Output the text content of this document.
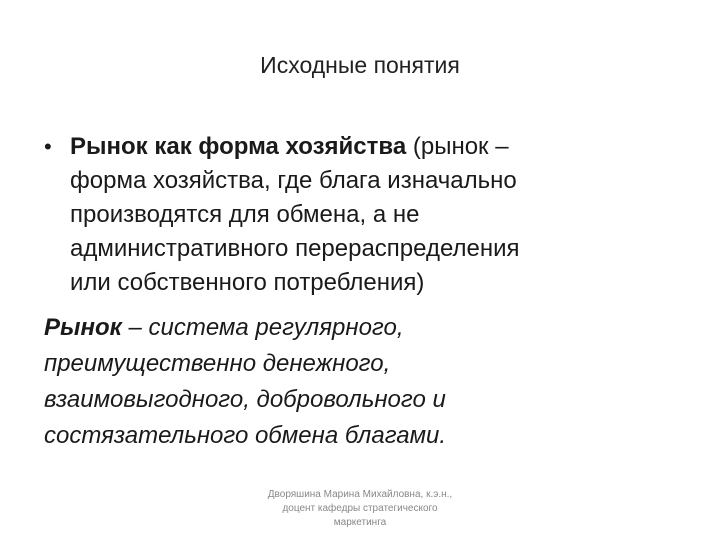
Исходные понятия
• Рынок как форма хозяйства (рынок –
форма хозяйства, где блага изначально
производятся для обмена, а не
административного перераспределения
или собственного потребления)
Рынок – система регулярного,
преимущественно денежного,
взаимовыгодного, добровольного и
состязательного обмена благами.
Дворяшина Марина Михайловна, к.э.н.,
доцент кафедры стратегического
маркетинга
